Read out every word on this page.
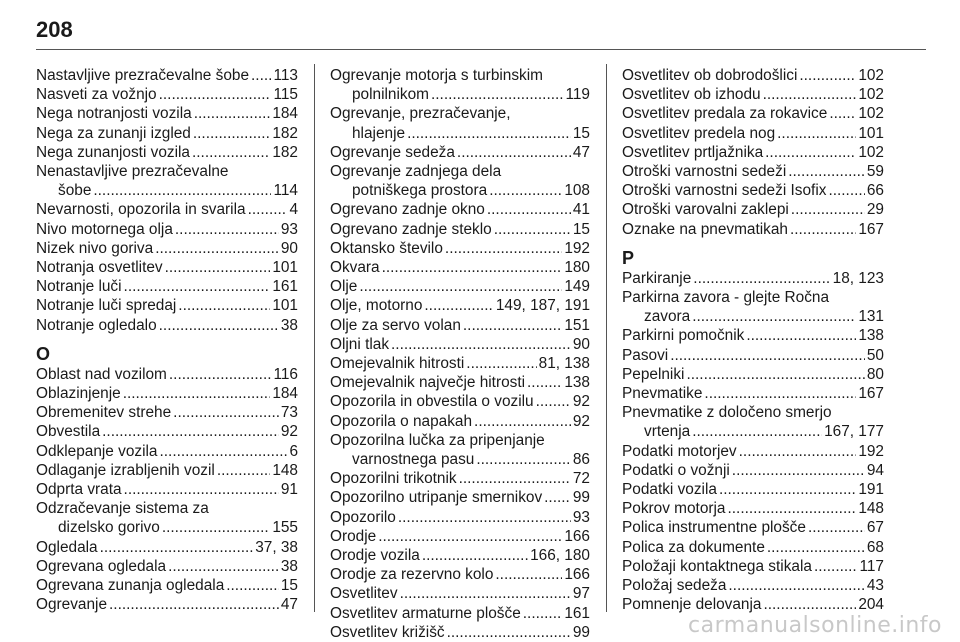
208
Nastavljive prezračevalne šobe ..... 113
Nasveti za vožnjo .....	115
Nega notranjosti vozila .....	184
Nega za zunanji izgled .....	182
Nega zunanjosti vozila .....	182
Nenastavljive prezračevalne
šobe .....	114
Nevarnosti, opozorila in svarila .....	4
Nivo motornega olja .....	93
Nizek nivo goriva .....	90
Notranja osvetlitev .....	101
Notranje luči .....	161
Notranje luči spredaj .....	101
Notranje ogledalo .....	38
O
Oblast nad vozilom .....	116
Oblazinjenje .....	184
Obremenitev strehe .....	73
Obvestila .....	92
Odklepanje vozila .....	6
Odlaganje izrabljenih vozil .....	148
Odprta vrata .....	91
Odzračevanje sistema za
dizelsko gorivo .....	155
Ogledala .....	37, 38
Ogrevana ogledala .....	38
Ogrevana zunanja ogledala .....	15
Ogrevanje .....	47
Ogrevanje motorja s turbinskim
polnilnikom .....	119
Ogrevanje, prezračevanje,
hlajenje .....	15
Ogrevanje sedeža .....	47
Ogrevanje zadnjega dela
potniškega prostora .....	108
Ogrevano zadnje okno .....	41
Ogrevano zadnje steklo .....	15
Oktansko število .....	192
Okvara .....	180
Olje .....	149
Olje, motorno .....	149, 187, 191
Olje za servo volan .....	151
Oljni tlak .....	90
Omejevalnik hitrosti .....	81, 138
Omejevalnik največje hitrosti .....	138
Opozorila in obvestila o vozilu .....	92
Opozorila o napakah .....	92
Opozorilna lučka za pripenjanje
varnostnega pasu .....	86
Opozorilni trikotnik .....	72
Opozorilno utripanje smernikov ..... 99
Opozorilo .....	93
Orodje .....	166
Orodje vozila .....	166, 180
Orodje za rezervno kolo .....	166
Osvetlitev .....	97
Osvetlitev armaturne plošče .....	161
Osvetlitev križišč .....	99
Osvetlitev ob dobrodošlici .....	102
Osvetlitev ob izhodu .....	102
Osvetlitev predala za rokavice ..... 102
Osvetlitev predela nog .....	101
Osvetlitev prtljažnika .....	102
Otroški varnostni sedeži .....	59
Otroški varnostni sedeži Isofix .....	66
Otroški varovalni zaklepi .....	29
Oznake na pnevmatikah .....	167
P
Parkiranje .....	18, 123
Parkirna zavora - glejte Ročna
zavora .....	131
Parkirni pomočnik .....	138
Pasovi .....	50
Pepelniki .....	80
Pnevmatike .....	167
Pnevmatike z določeno smerjo
vrtenja .....	167, 177
Podatki motorjev .....	192
Podatki o vožnji .....	94
Podatki vozila .....	191
Pokrov motorja .....	148
Polica instrumentne plošče .....	67
Polica za dokumente .....	68
Položaji kontaktnega stikala .....	117
Položaj sedeža .....	43
Pomnenje delovanja .....	204
carmanualsonline.info
